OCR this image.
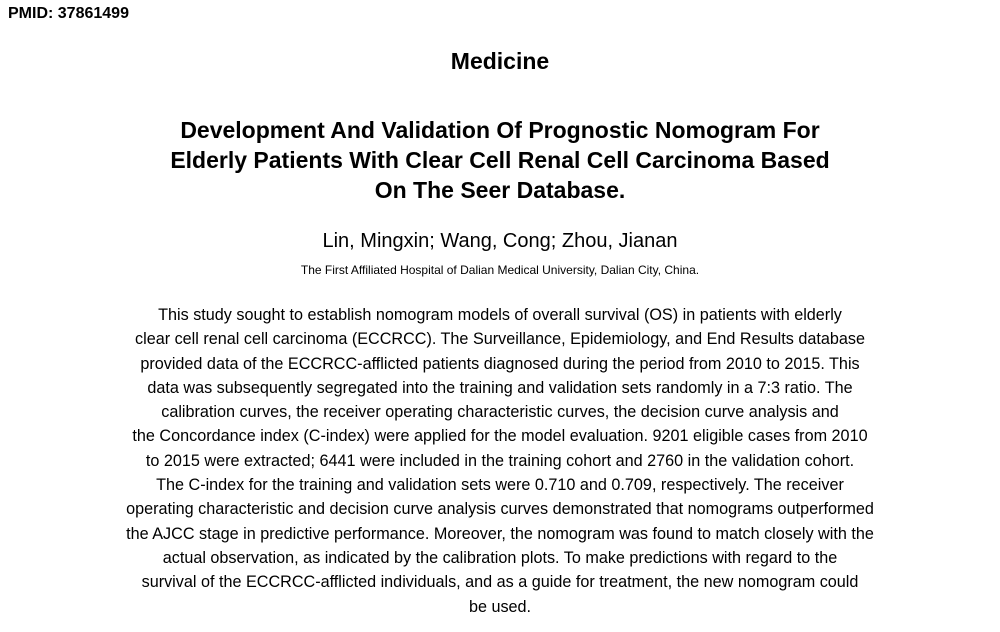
PMID: 37861499
Medicine
Development And Validation Of Prognostic Nomogram For
Elderly Patients With Clear Cell Renal Cell Carcinoma Based
On The Seer Database.
Lin, Mingxin; Wang, Cong; Zhou, Jianan
The First Affiliated Hospital of Dalian Medical University, Dalian City, China.
This study sought to establish nomogram models of overall survival (OS) in patients with elderly
clear cell renal cell carcinoma (ECCRCC). The Surveillance, Epidemiology, and End Results database
provided data of the ECCRCC-afflicted patients diagnosed during the period from 2010 to 2015. This
data was subsequently segregated into the training and validation sets randomly in a 7:3 ratio. The
calibration curves, the receiver operating characteristic curves, the decision curve analysis and
the Concordance index (C-index) were applied for the model evaluation. 9201 eligible cases from 2010
to 2015 were extracted; 6441 were included in the training cohort and 2760 in the validation cohort.
The C-index for the training and validation sets were 0.710 and 0.709, respectively. The receiver
operating characteristic and decision curve analysis curves demonstrated that nomograms outperformed
the AJCC stage in predictive performance. Moreover, the nomogram was found to match closely with the
actual observation, as indicated by the calibration plots. To make predictions with regard to the
survival of the ECCRCC-afflicted individuals, and as a guide for treatment, the new nomogram could
be used.
